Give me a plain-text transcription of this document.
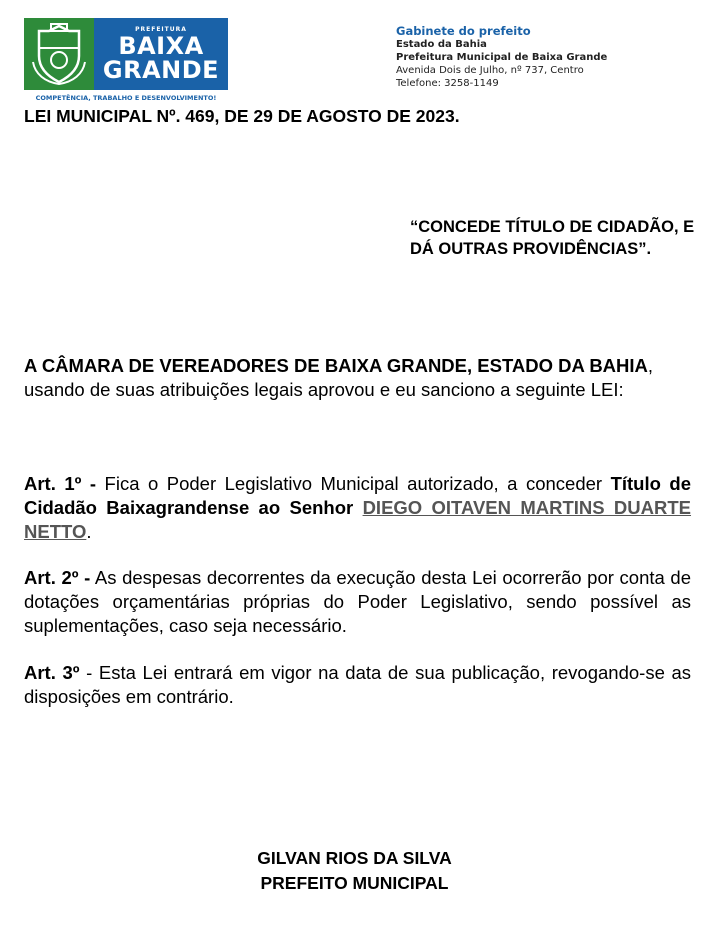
PREFEITURA
BAIXA
GRANDE
COMPETÊNCIA, TRABALHO E DESENVOLVIMENTO!
Gabinete do prefeito
Estado da Bahia
Prefeitura Municipal de Baixa Grande
Avenida Dois de Julho, nº 737, Centro
Telefone: 3258-1149
LEI MUNICIPAL Nº. 469, DE 29 DE AGOSTO DE 2023.
“CONCEDE TÍTULO DE CIDADÃO, E DÁ OUTRAS PROVIDÊNCIAS”.
A CÂMARA DE VEREADORES DE BAIXA GRANDE, ESTADO DA BAHIA, usando de suas atribuições legais aprovou e eu sanciono a seguinte LEI:
Art. 1º - Fica o Poder Legislativo Municipal autorizado, a conceder Título de Cidadão Baixagrandense ao Senhor DIEGO OITAVEN MARTINS DUARTE NETTO.
Art. 2º - As despesas decorrentes da execução desta Lei ocorrerão por conta de dotações orçamentárias próprias do Poder Legislativo, sendo possível as suplementações, caso seja necessário.
Art. 3º - Esta Lei entrará em vigor na data de sua publicação, revogando-se as disposições em contrário.
GILVAN RIOS DA SILVA
PREFEITO MUNICIPAL
